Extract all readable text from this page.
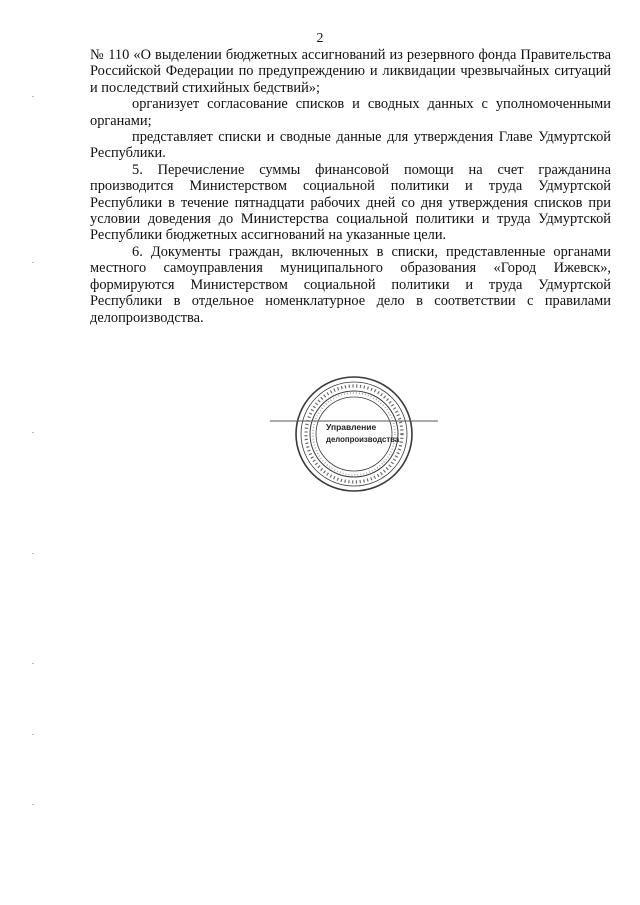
2

№ 110 «О выделении бюджетных ассигнований из резервного фонда Правительства Российской Федерации по предупреждению и ликвидации чрезвычайных ситуаций и последствий стихийных бедствий»;

организует согласование списков и сводных данных с уполномоченными органами;

представляет списки и сводные данные для утверждения Главе Удмуртской Республики.

5. Перечисление суммы финансовой помощи на счет гражданина производится Министерством социальной политики и труда Удмуртской Республики в течение пятнадцати рабочих дней со дня утверждения списков при условии доведения до Министерства социальной политики и труда Удмуртской Республики бюджетных ассигнований на указанные цели.

6. Документы граждан, включенных в списки, представленные органами местного самоуправления муниципального образования «Город Ижевск», формируются Министерством социальной политики и труда Удмуртской Республики в отдельное номенклатурное дело в соответствии с правилами делопроизводства.

Управление
делопроизводства
